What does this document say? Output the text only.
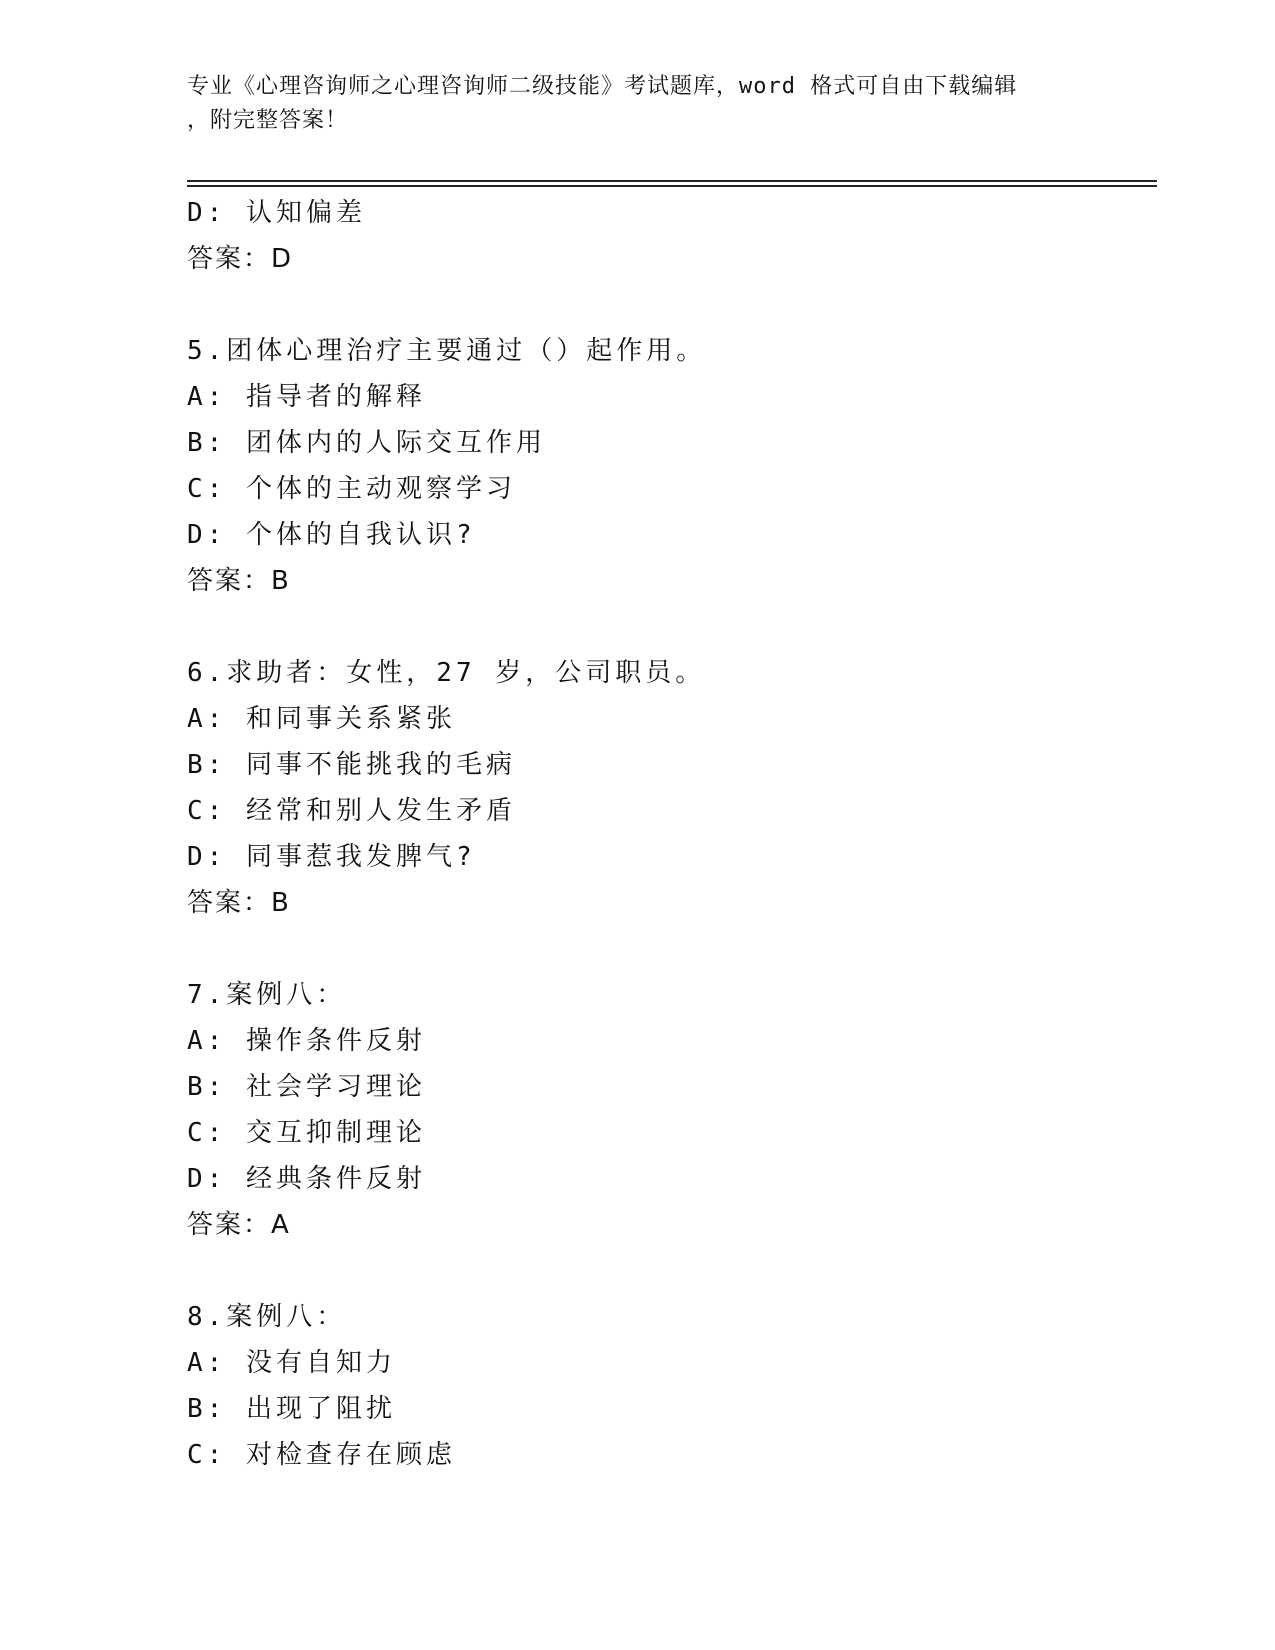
专业《心理咨询师之心理咨询师二级技能》考试题库，word 格式可自由下载编辑
，附完整答案！
D: 认知偏差
答案：D
5.团体心理治疗主要通过（）起作用。
A: 指导者的解释
B: 团体内的人际交互作用
C: 个体的主动观察学习
D: 个体的自我认识?
答案：B
6.求助者：女性，27 岁，公司职员。
A: 和同事关系紧张
B: 同事不能挑我的毛病
C: 经常和别人发生矛盾
D: 同事惹我发脾气?
答案：B
7.案例八：
A: 操作条件反射
B: 社会学习理论
C: 交互抑制理论
D: 经典条件反射
答案：A
8.案例八：
A: 没有自知力
B: 出现了阻扰
C: 对检查存在顾虑
